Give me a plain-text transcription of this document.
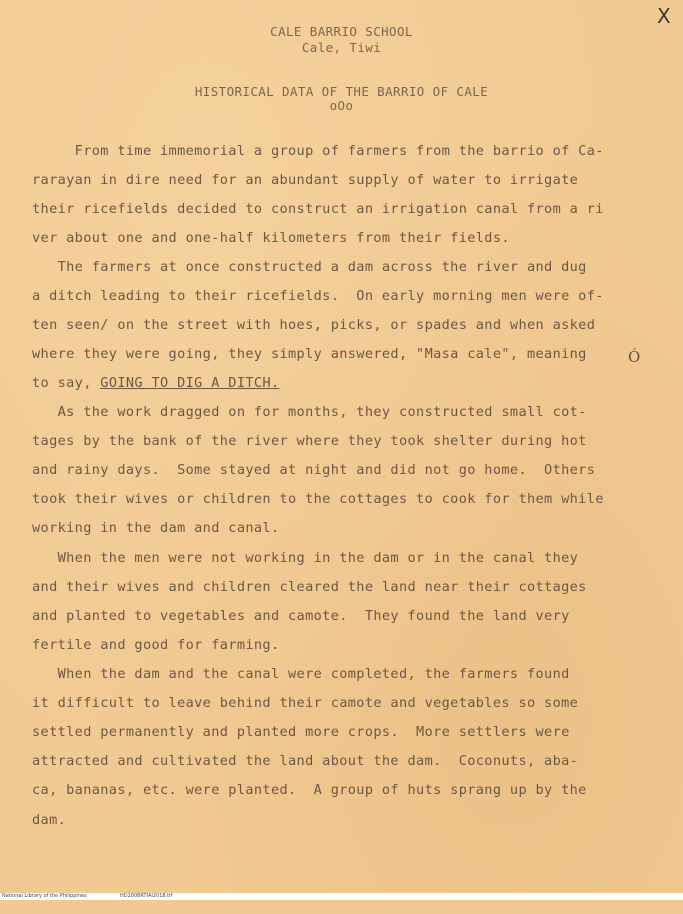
X
CALE BARRIO SCHOOL
Cale, Tiwi
HISTORICAL DATA OF THE BARRIO OF CALE
oOo
From time immemorial a group of farmers from the barrio of Ca-
rarayan in dire need for an abundant supply of water to irrigate
their ricefields decided to construct an irrigation canal from a ri
ver about one and one-half kilometers from their fields.
The farmers at once constructed a dam across the river and dug
a ditch leading to their ricefields.  On early morning men were of-
ten seen/ on the street with hoes, picks, or spades and when asked
where they were going, they simply answered, "Masa cale", meaning
to say, GOING TO DIG A DITCH.
Ó
As the work dragged on for months, they constructed small cot-
tages by the bank of the river where they took shelter during hot
and rainy days.  Some stayed at night and did not go home.  Others
took their wives or children to the cottages to cook for them while
working in the dam and canal.
When the men were not working in the dam or in the canal they
and their wives and children cleared the land near their cottages
and planted to vegetables and camote.  They found the land very
fertile and good for farming.
When the dam and the canal were completed, the farmers found
it difficult to leave behind their camote and vegetables so some
settled permanently and planted more crops.  More settlers were
attracted and cultivated the land about the dam.  Coconuts, aba-
ca, bananas, etc. were planted.  A group of huts sprang up by the
dam.

National Library of the Philippines

	HD2008RTIAI2018.tif
